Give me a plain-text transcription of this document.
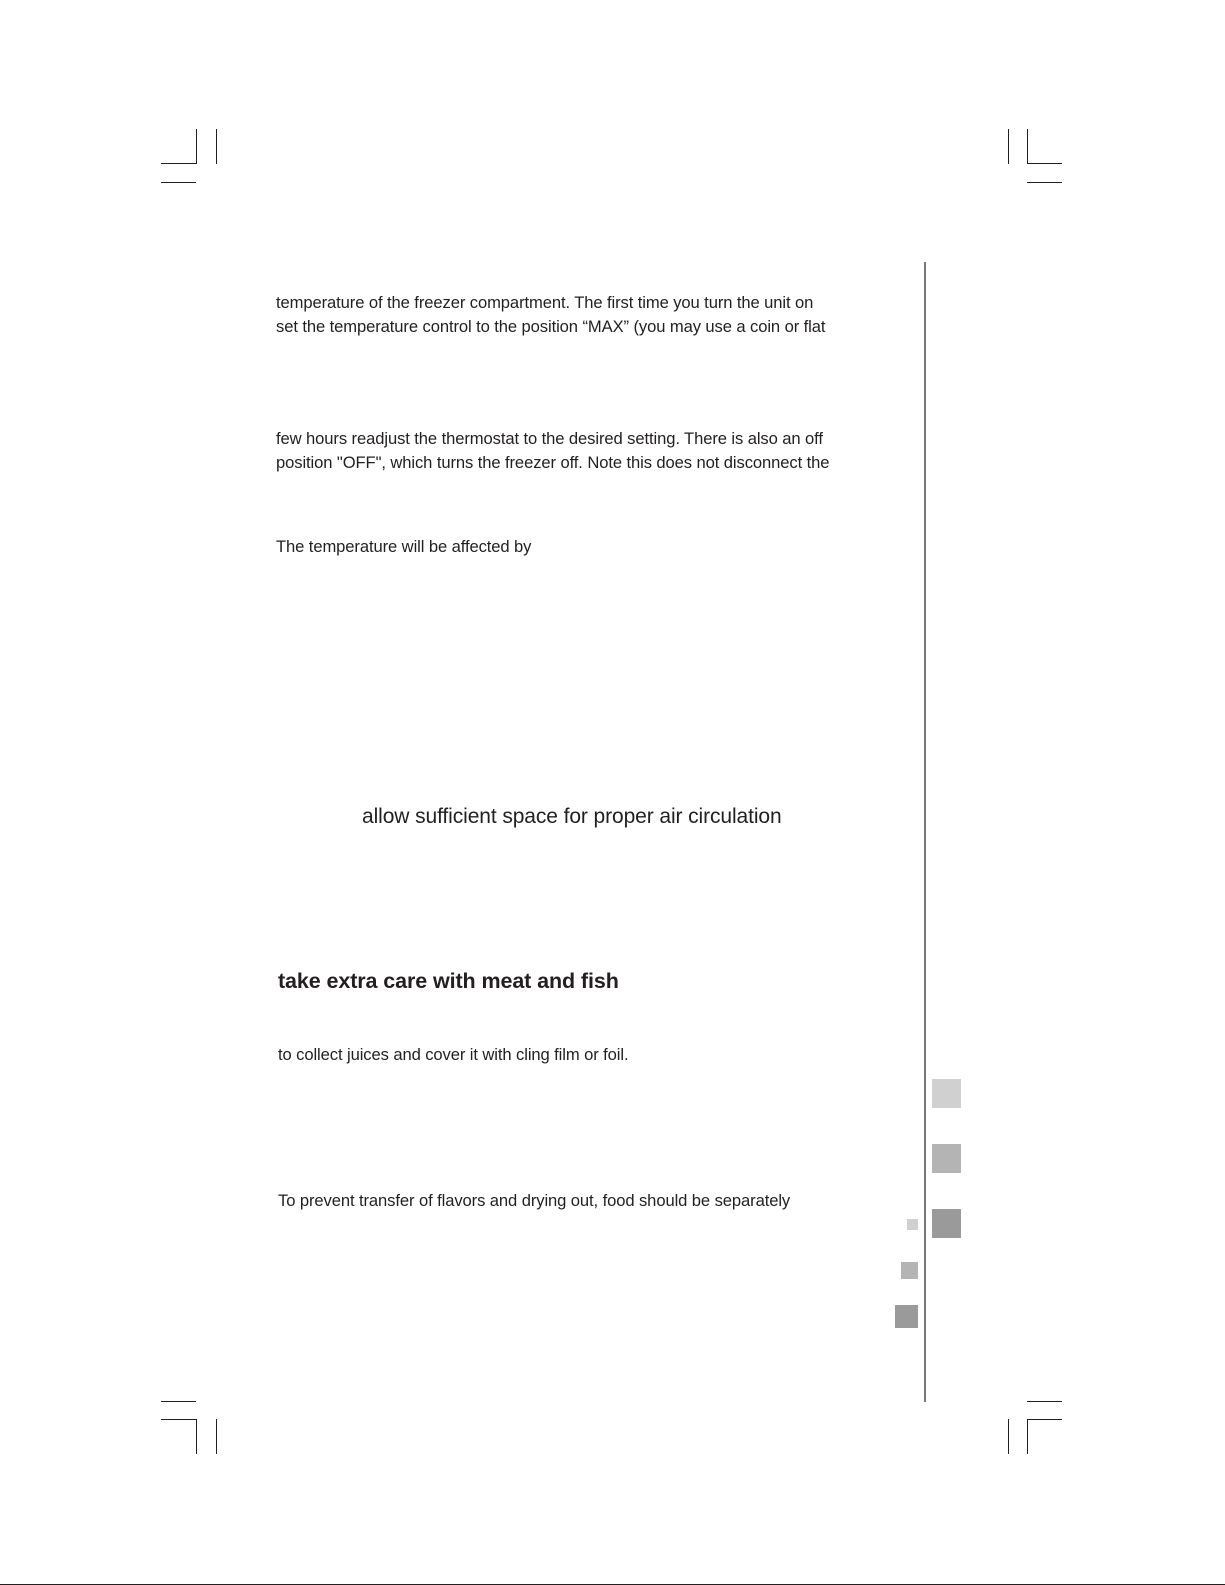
temperature of the freezer compartment. The first time you turn the unit on
set the temperature control to the position “MAX” (you may use a coin or flat
few hours readjust the thermostat to the desired setting. There is also an off
position "OFF", which turns the freezer off. Note this does not disconnect the
The temperature will be affected by
allow sufficient space for proper air circulation
take extra care with meat and fish
to collect juices and cover it with cling film or foil.
To prevent transfer of flavors and drying out, food should be separately
